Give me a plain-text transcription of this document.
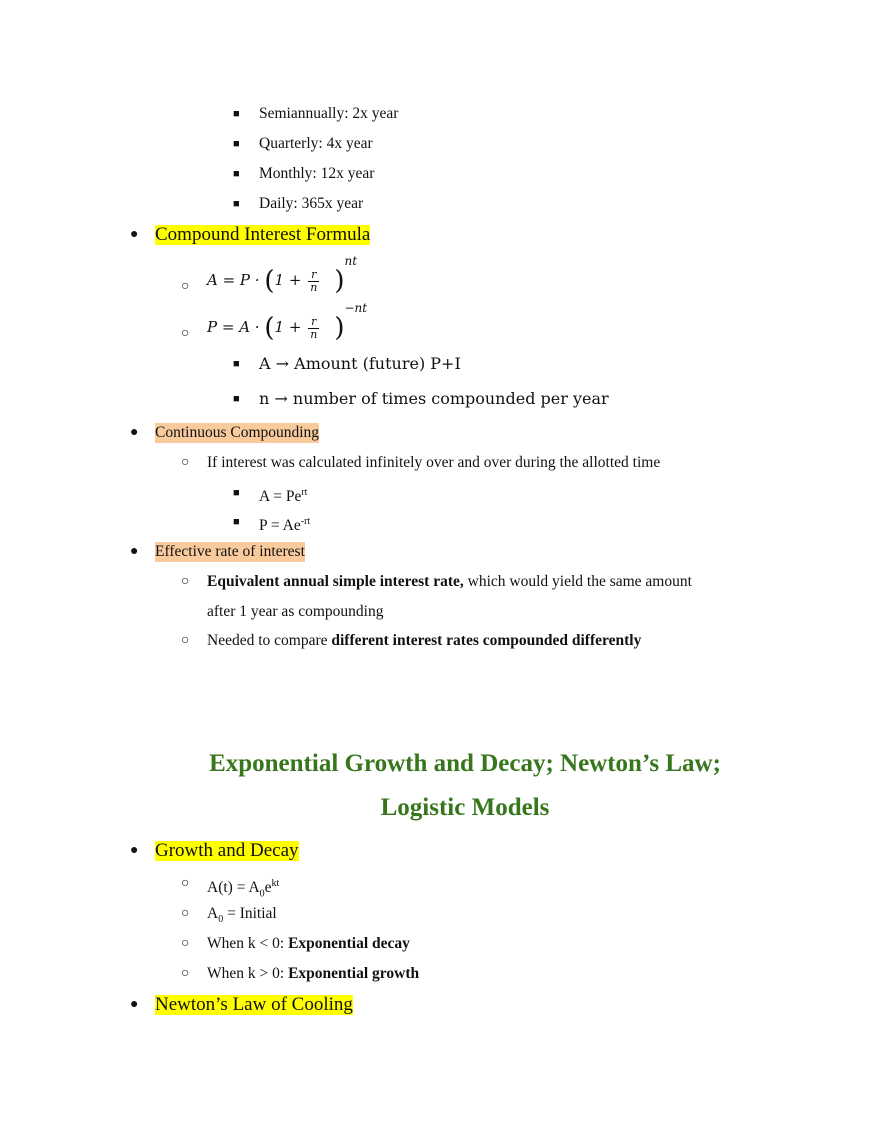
■ Semiannually: 2x year
■ Quarterly: 4x year
■ Monthly: 12x year
■ Daily: 365x year
● Compound Interest Formula
○ $A = P \cdot (1 + \frac{r}{n} )^{nt}$
○ $P = A \cdot (1 + \frac{r}{n} )^{-nt}$
■ A → Amount (future) P+I
■ n → number of times compounded per year
●	Continuous Compounding
○ If interest was calculated infinitely over and over during the allotted time
■ $A = Pe^{rt}$
■ $P = Ae^{-rt}$
●	Effective rate of interest
○ Equivalent annual simple interest rate, which would yield the same amount
after 1 year as compounding
○ Needed to compare different interest rates compounded differently
Exponential Growth and Decay; Newton’s Law;
Logistic Models
● Growth and Decay
○ $A(t) = A_0e^{kt}$
○ $A_0$ = Initial
○ When k < 0: Exponential decay
○ When k > 0: Exponential growth
● Newton’s Law of Cooling
